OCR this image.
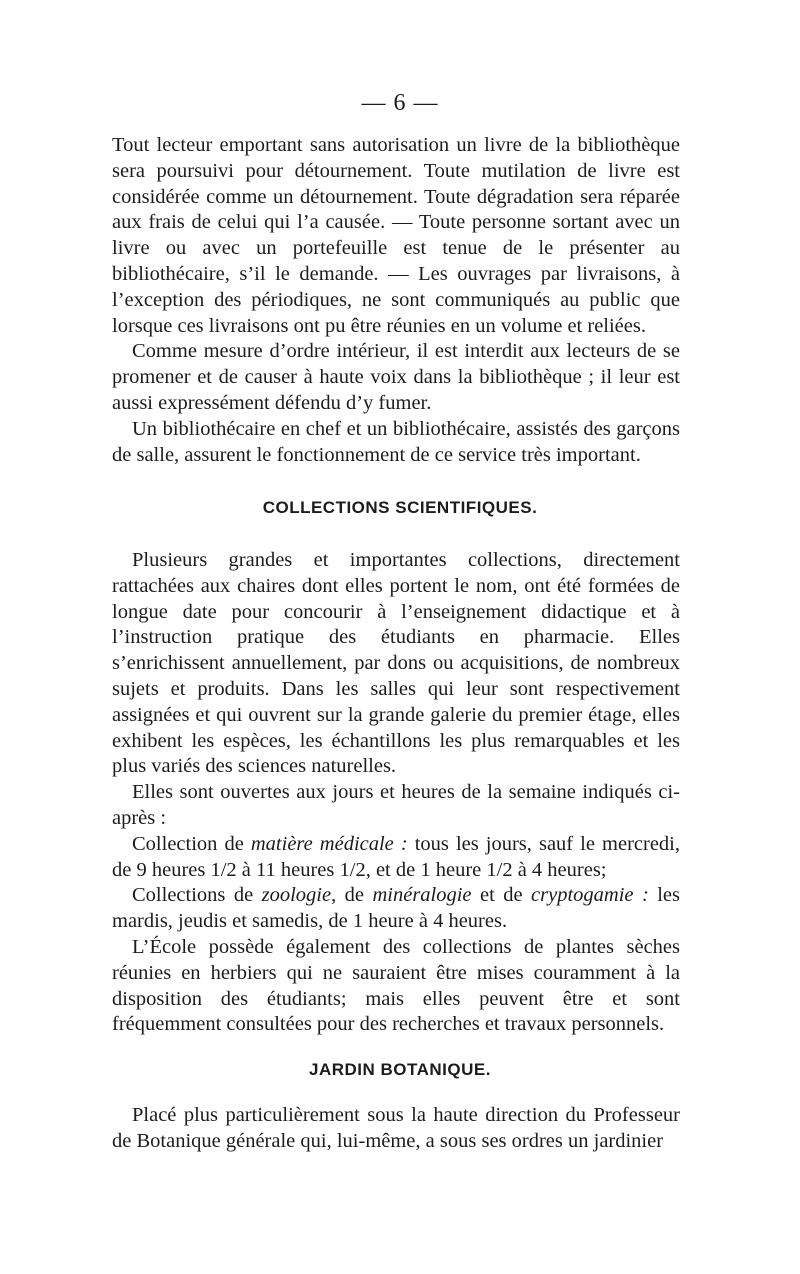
— 6 —

Tout lecteur emportant sans autorisation un livre de la bibliothèque sera poursuivi pour détournement. Toute mutilation de livre est considérée comme un détournement. Toute dégradation sera réparée aux frais de celui qui l’a causée. — Toute personne sortant avec un livre ou avec un portefeuille est tenue de le présenter au bibliothécaire, s’il le demande. — Les ouvrages par livraisons, à l’exception des périodiques, ne sont communiqués au public que lorsque ces livraisons ont pu être réunies en un volume et reliées.

Comme mesure d’ordre intérieur, il est interdit aux lecteurs de se promener et de causer à haute voix dans la bibliothèque ; il leur est aussi expressément défendu d’y fumer.

Un bibliothécaire en chef et un bibliothécaire, assistés des garçons de salle, assurent le fonctionnement de ce service très important.

COLLECTIONS SCIENTIFIQUES.

Plusieurs grandes et importantes collections, directement rattachées aux chaires dont elles portent le nom, ont été formées de longue date pour concourir à l’enseignement didactique et à l’instruction pratique des étudiants en pharmacie. Elles s’enrichissent annuellement, par dons ou acquisitions, de nombreux sujets et produits. Dans les salles qui leur sont respectivement assignées et qui ouvrent sur la grande galerie du premier étage, elles exhibent les espèces, les échantillons les plus remarquables et les plus variés des sciences naturelles.

Elles sont ouvertes aux jours et heures de la semaine indiqués ci-après :

Collection de matière médicale : tous les jours, sauf le mercredi, de 9 heures 1/2 à 11 heures 1/2, et de 1 heure 1/2 à 4 heures;

Collections de zoologie, de minéralogie et de cryptogamie : les mardis, jeudis et samedis, de 1 heure à 4 heures.

L’École possède également des collections de plantes sèches réunies en herbiers qui ne sauraient être mises couramment à la disposition des étudiants; mais elles peuvent être et sont fréquemment consultées pour des recherches et travaux personnels.

JARDIN BOTANIQUE.

Placé plus particulièrement sous la haute direction du Professeur de Botanique générale qui, lui-même, a sous ses ordres un jardinier
